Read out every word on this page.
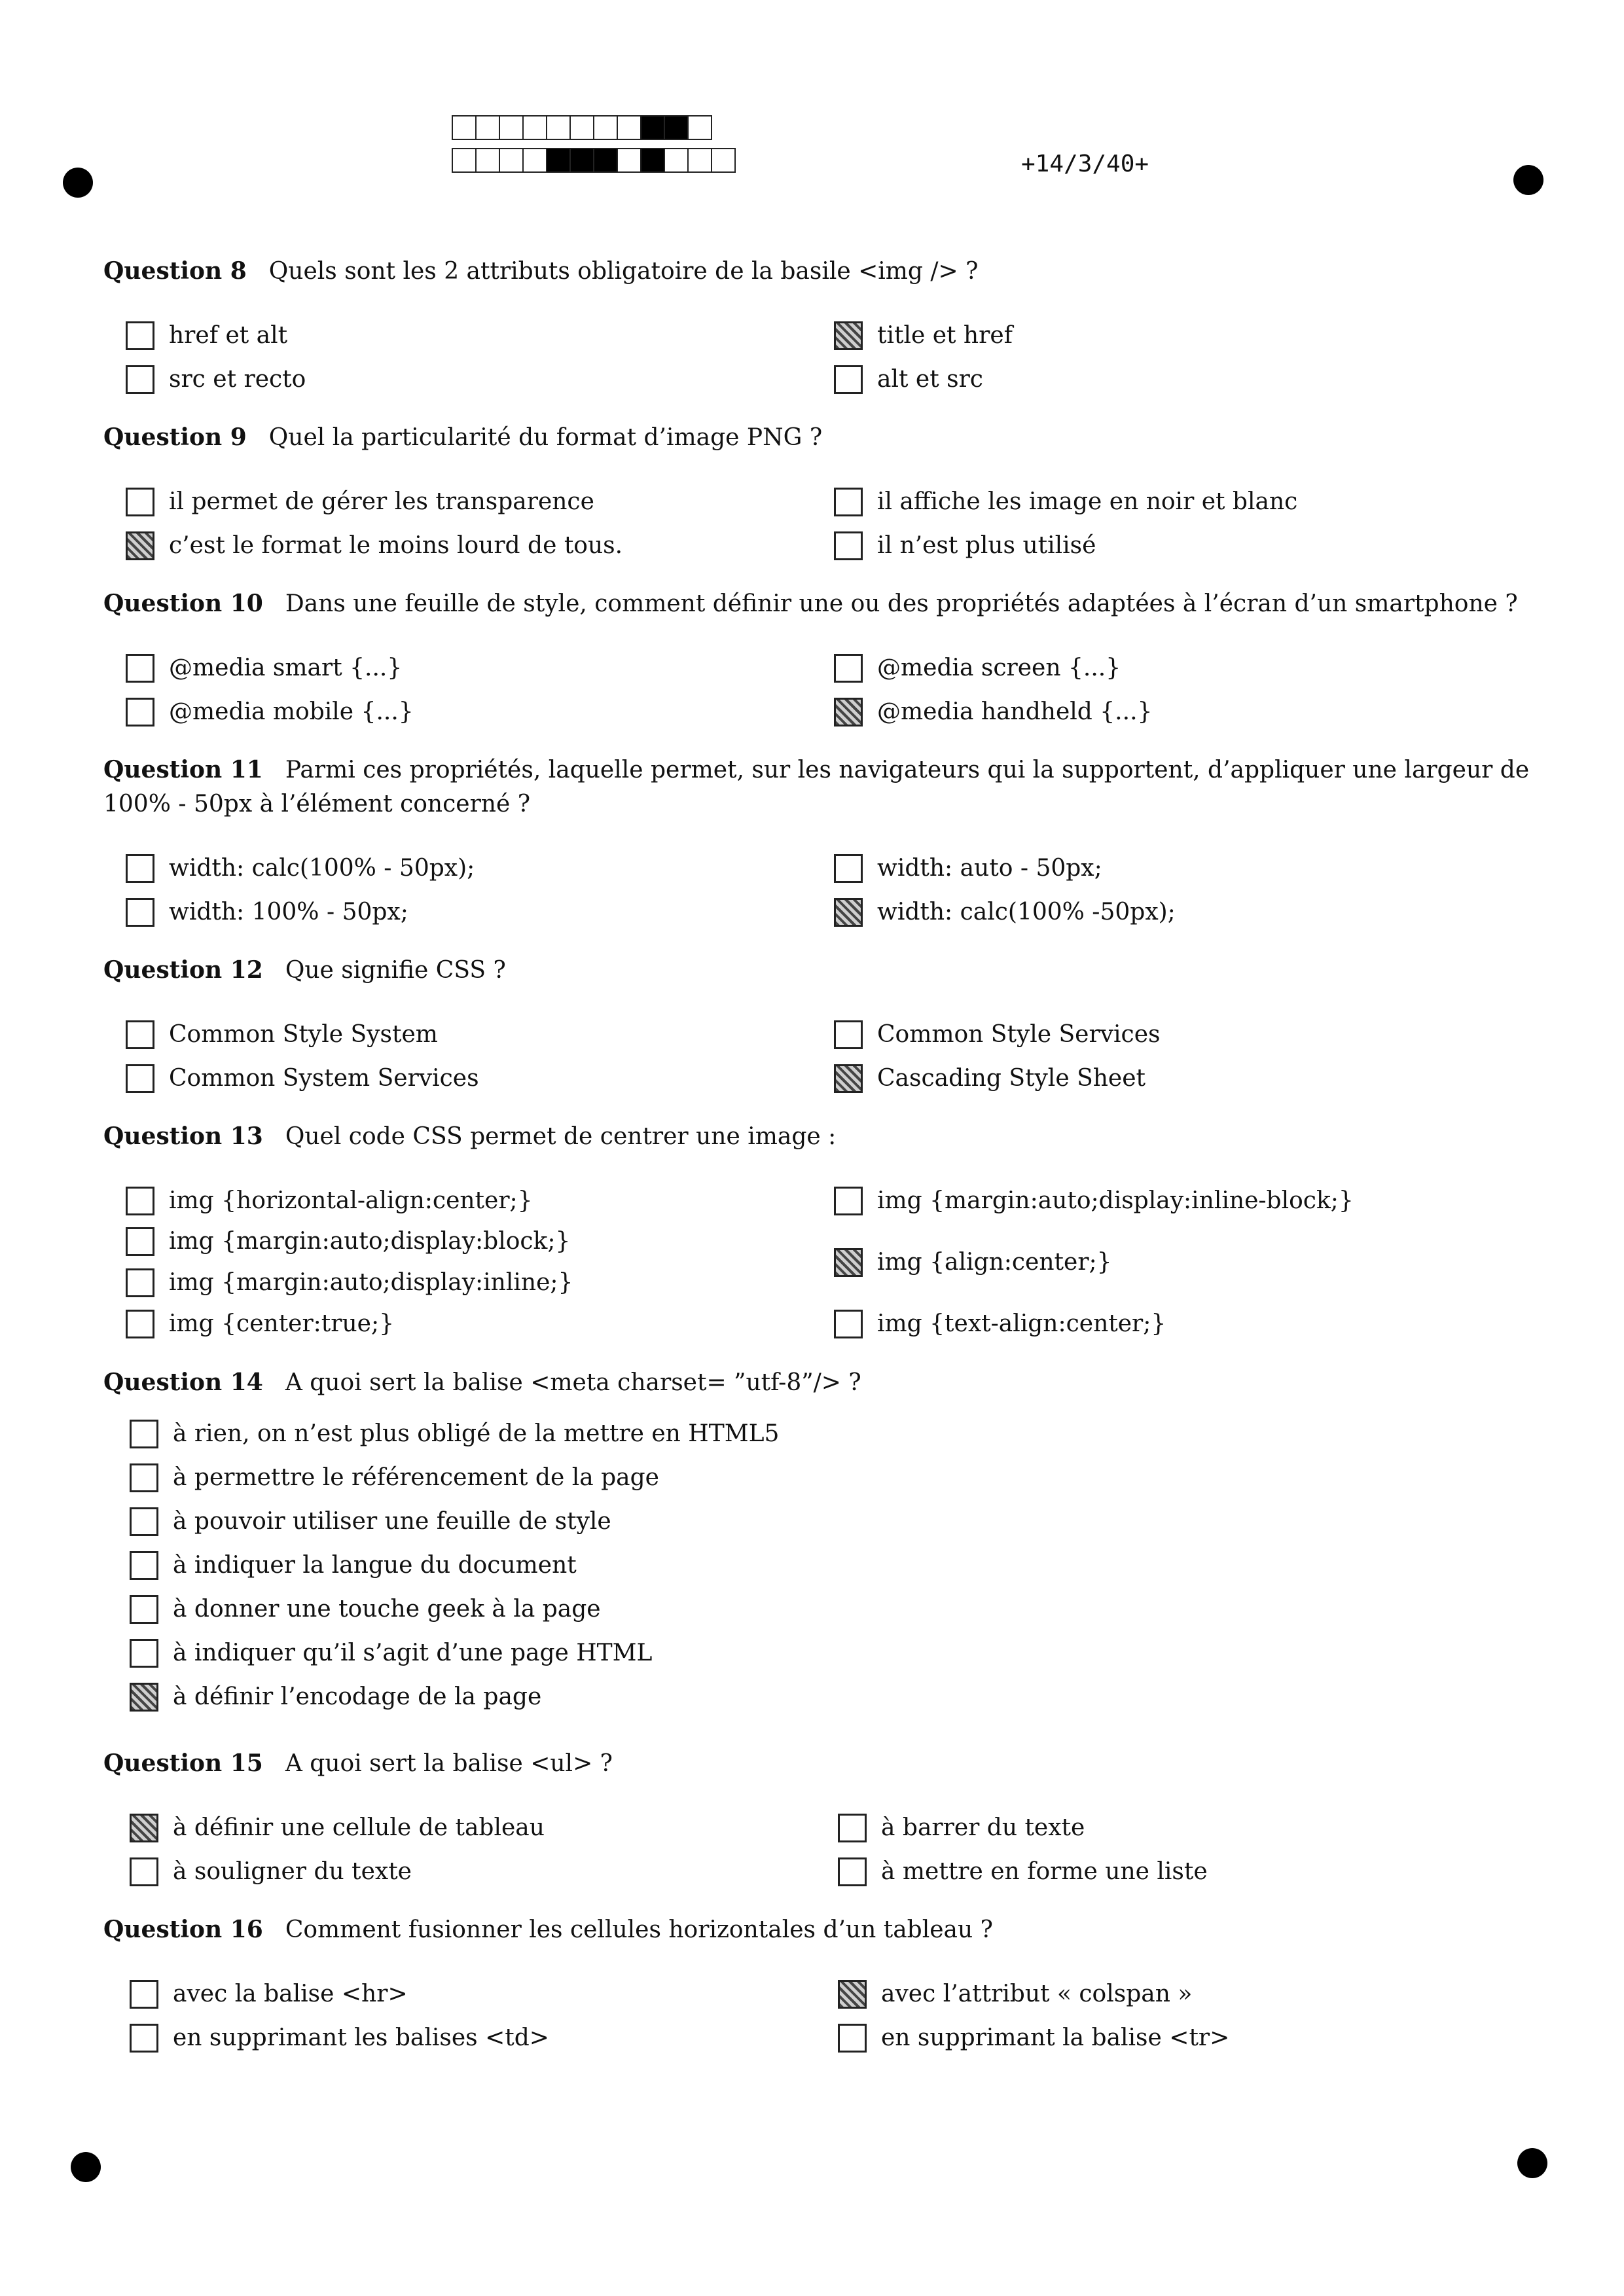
+14/3/40+
Question 8 Quels sont les 2 attributs obligatoire de la basile <img /> ?
href et alt	title et href
src et recto	alt et src
Question 9 Quel la particularité du format d’image PNG ?
il permet de gérer les transparence	il affiche les image en noir et blanc
c’est le format le moins lourd de tous.	il n’est plus utilisé
Question 10 Dans une feuille de style, comment définir une ou des propriétés adaptées à l’écran d’un smartphone ?
@media smart {...}	@media screen {...}
@media mobile {...}	@media handheld {...}
Question 11 Parmi ces propriétés, laquelle permet, sur les navigateurs qui la supportent, d’appliquer une largeur de 100% - 50px à l’élément concerné ?
width: calc(100% - 50px);	width: auto - 50px;
width: 100% - 50px;	width: calc(100% -50px);
Question 12 Que signifie CSS ?
Common Style System	Common Style Services
Common System Services	Cascading Style Sheet
Question 13 Quel code CSS permet de centrer une image :
img {horizontal-align:center;}	img {margin:auto;display:inline-block;}
img {margin:auto;display:block;}
img {align:center;}
img {margin:auto;display:inline;}
img {center:true;}	img {text-align:center;}
Question 14 A quoi sert la balise <meta charset= ”utf-8”/> ?
à rien, on n’est plus obligé de la mettre en HTML5
à permettre le référencement de la page
à pouvoir utiliser une feuille de style
à indiquer la langue du document
à donner une touche geek à la page
à indiquer qu’il s’agit d’une page HTML
à définir l’encodage de la page
Question 15 A quoi sert la balise <ul> ?
à définir une cellule de tableau	à barrer du texte
à souligner du texte	à mettre en forme une liste
Question 16 Comment fusionner les cellules horizontales d’un tableau ?
avec la balise <hr>	avec l’attribut « colspan »
en supprimant les balises <td>	en supprimant la balise <tr>
